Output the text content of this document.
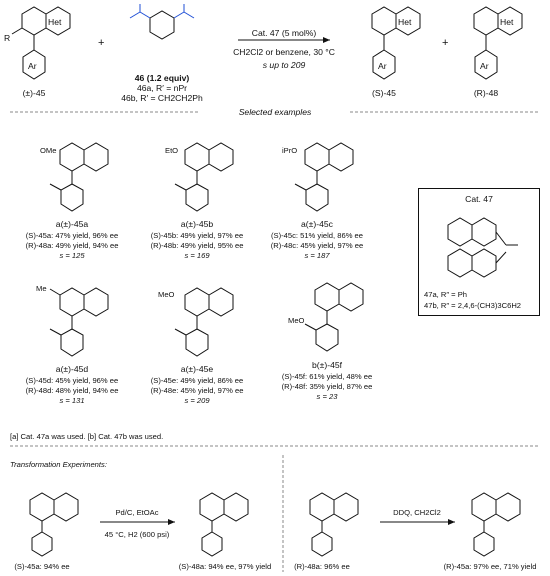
Het
R
Ar
(±)-45
+
46 (1.2 equiv)
46a, R′ = nPr
46b, R′ = CH2CH2Ph
Cat. 47 (5 mol%)
CH2Cl2 or benzene, 30 °C
s up to 209
Het
Ar
(S)-45
+
Het
Ar
(R)-48
Selected examples
OMe
a(±)-45a
(S)-45a: 47% yield, 96% ee
(R)-48a: 49% yield, 94% ee
s = 125
EtO
a(±)-45b
(S)-45b: 49% yield, 97% ee
(R)-48b: 49% yield, 95% ee
s = 169
iPrO
a(±)-45c
(S)-45c: 51% yield, 86% ee
(R)-48c: 45% yield, 97% ee
s = 187
Me
a(±)-45d
(S)-45d: 45% yield, 96% ee
(R)-48d: 48% yield, 94% ee
s = 131
MeO
a(±)-45e
(S)-45e: 49% yield, 86% ee
(R)-48e: 45% yield, 97% ee
s = 209
MeO
b(±)-45f
(S)-45f: 61% yield, 48% ee
(R)-48f: 35% yield, 87% ee
s = 23
Cat. 47
47a, R″ = Ph
47b, R″ = 2,4,6-(CH3)3C6H2
[a] Cat. 47a was used. [b] Cat. 47b was used.
Transformation Experiments:
Pd/C, EtOAc
45 °C, H2 (600 psi)
DDQ, CH2Cl2
(S)-45a: 94% ee	(S)-48a: 94% ee, 97% yield	(R)-48a: 96% ee	(R)-45a: 97% ee, 71% yield
